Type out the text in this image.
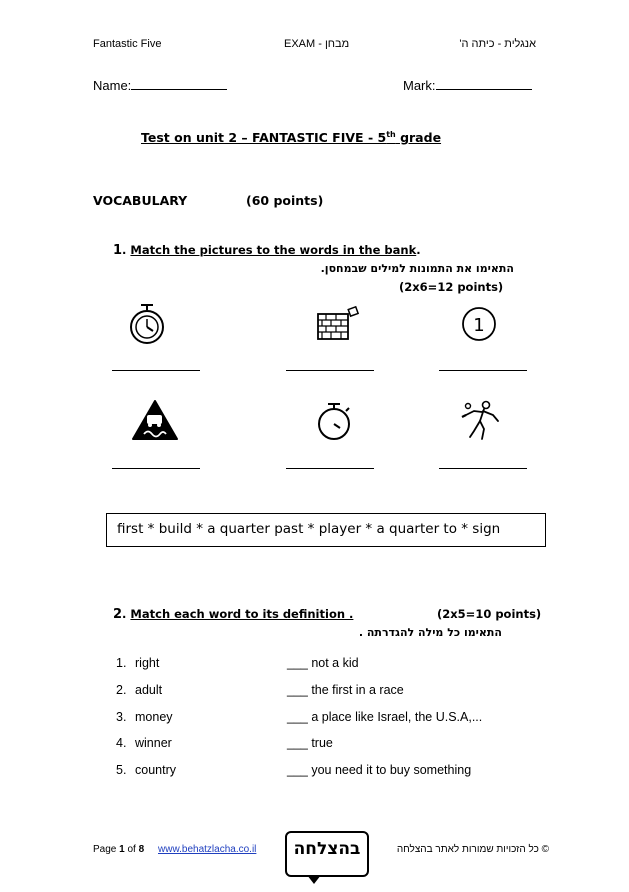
Fantastic Five	EXAM - מבחן	אנגלית - כיתה ה'
Name:	Mark:
Test on unit 2 – FANTASTIC FIVE - 5th grade
VOCABULARY	(60 points)
1. Match the pictures to the words in the bank.
התאימו את התמונות למילים שבמחסן.
(2x6=12 points)
1
first * build * a quarter past * player * a quarter to * sign
2. Match each word to its definition .	(2x5=10 points)
התאימו כל מילה להגדרתה .
1. right	___ not a kid
2. adult	___ the first in a race
3. money	___ a place like Israel, the U.S.A,...
4. winner	___ true
5. country	___ you need it to buy something
Page 1 of 8 www.behatzlacha.co.il	בהצלחה	© כל הזכויות שמורות לאתר בהצלחה
